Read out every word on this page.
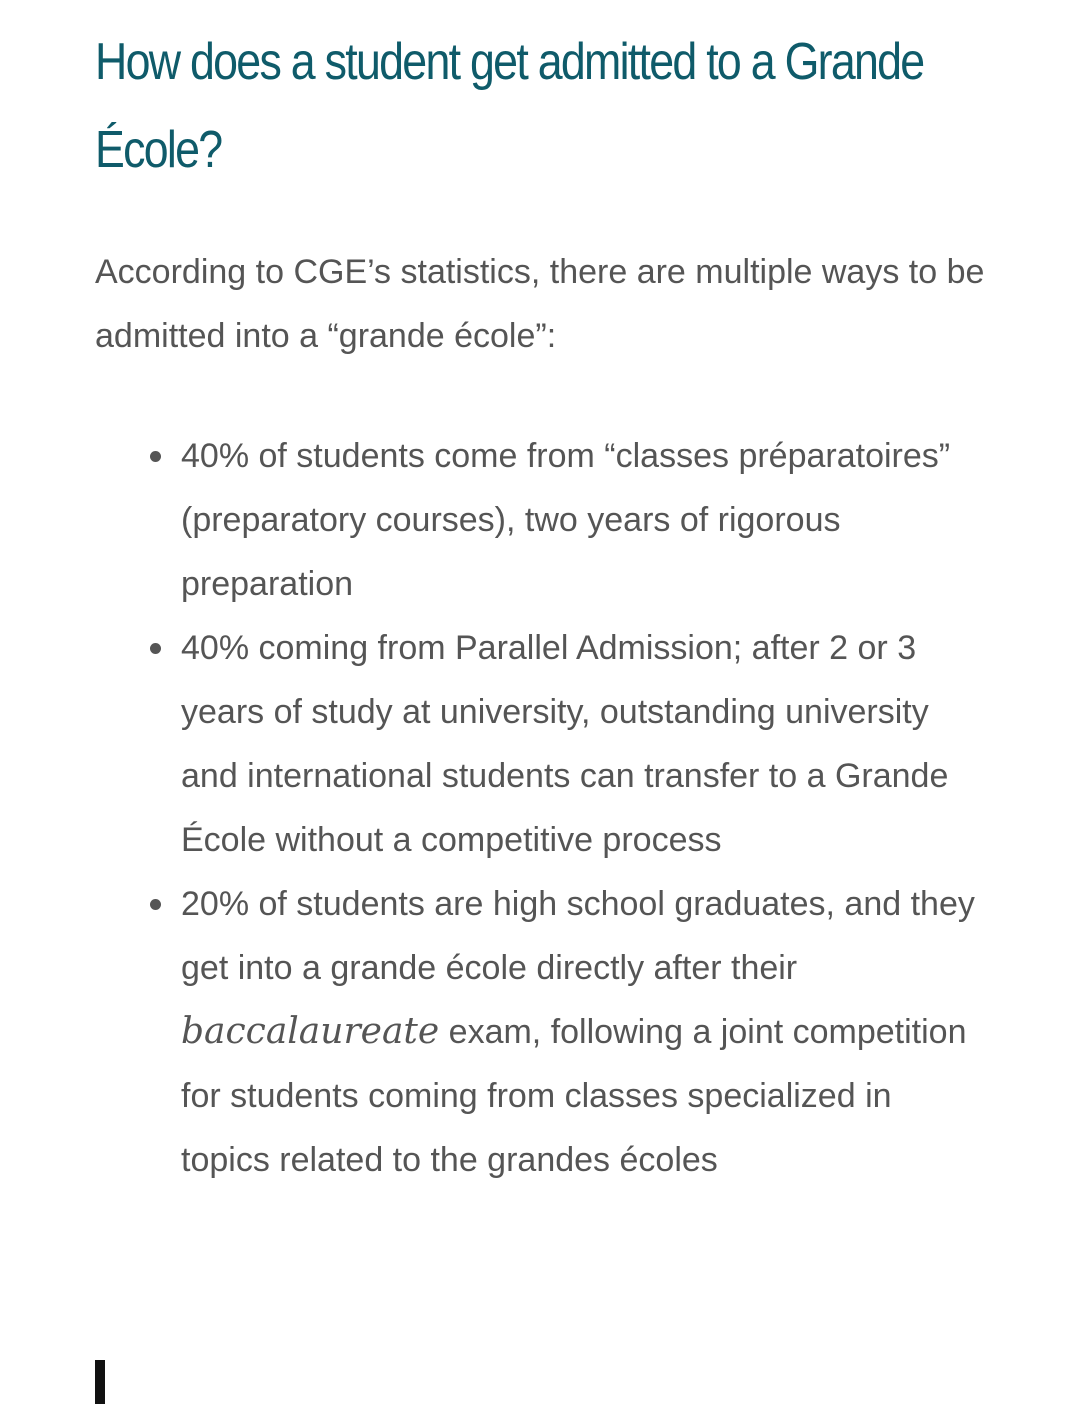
How does a student get admitted to a Grande École?

According to CGE’s statistics, there are multiple ways to be admitted into a “grande école”:

40% of students come from “classes préparatoires” (preparatory courses), two years of rigorous preparation
40% coming from Parallel Admission; after 2 or 3 years of study at university, outstanding university and international students can transfer to a Grande École without a competitive process
20% of students are high school graduates, and they get into a grande école directly after their baccalaureate exam, following a joint competition for students coming from classes specialized in topics related to the grandes écoles
